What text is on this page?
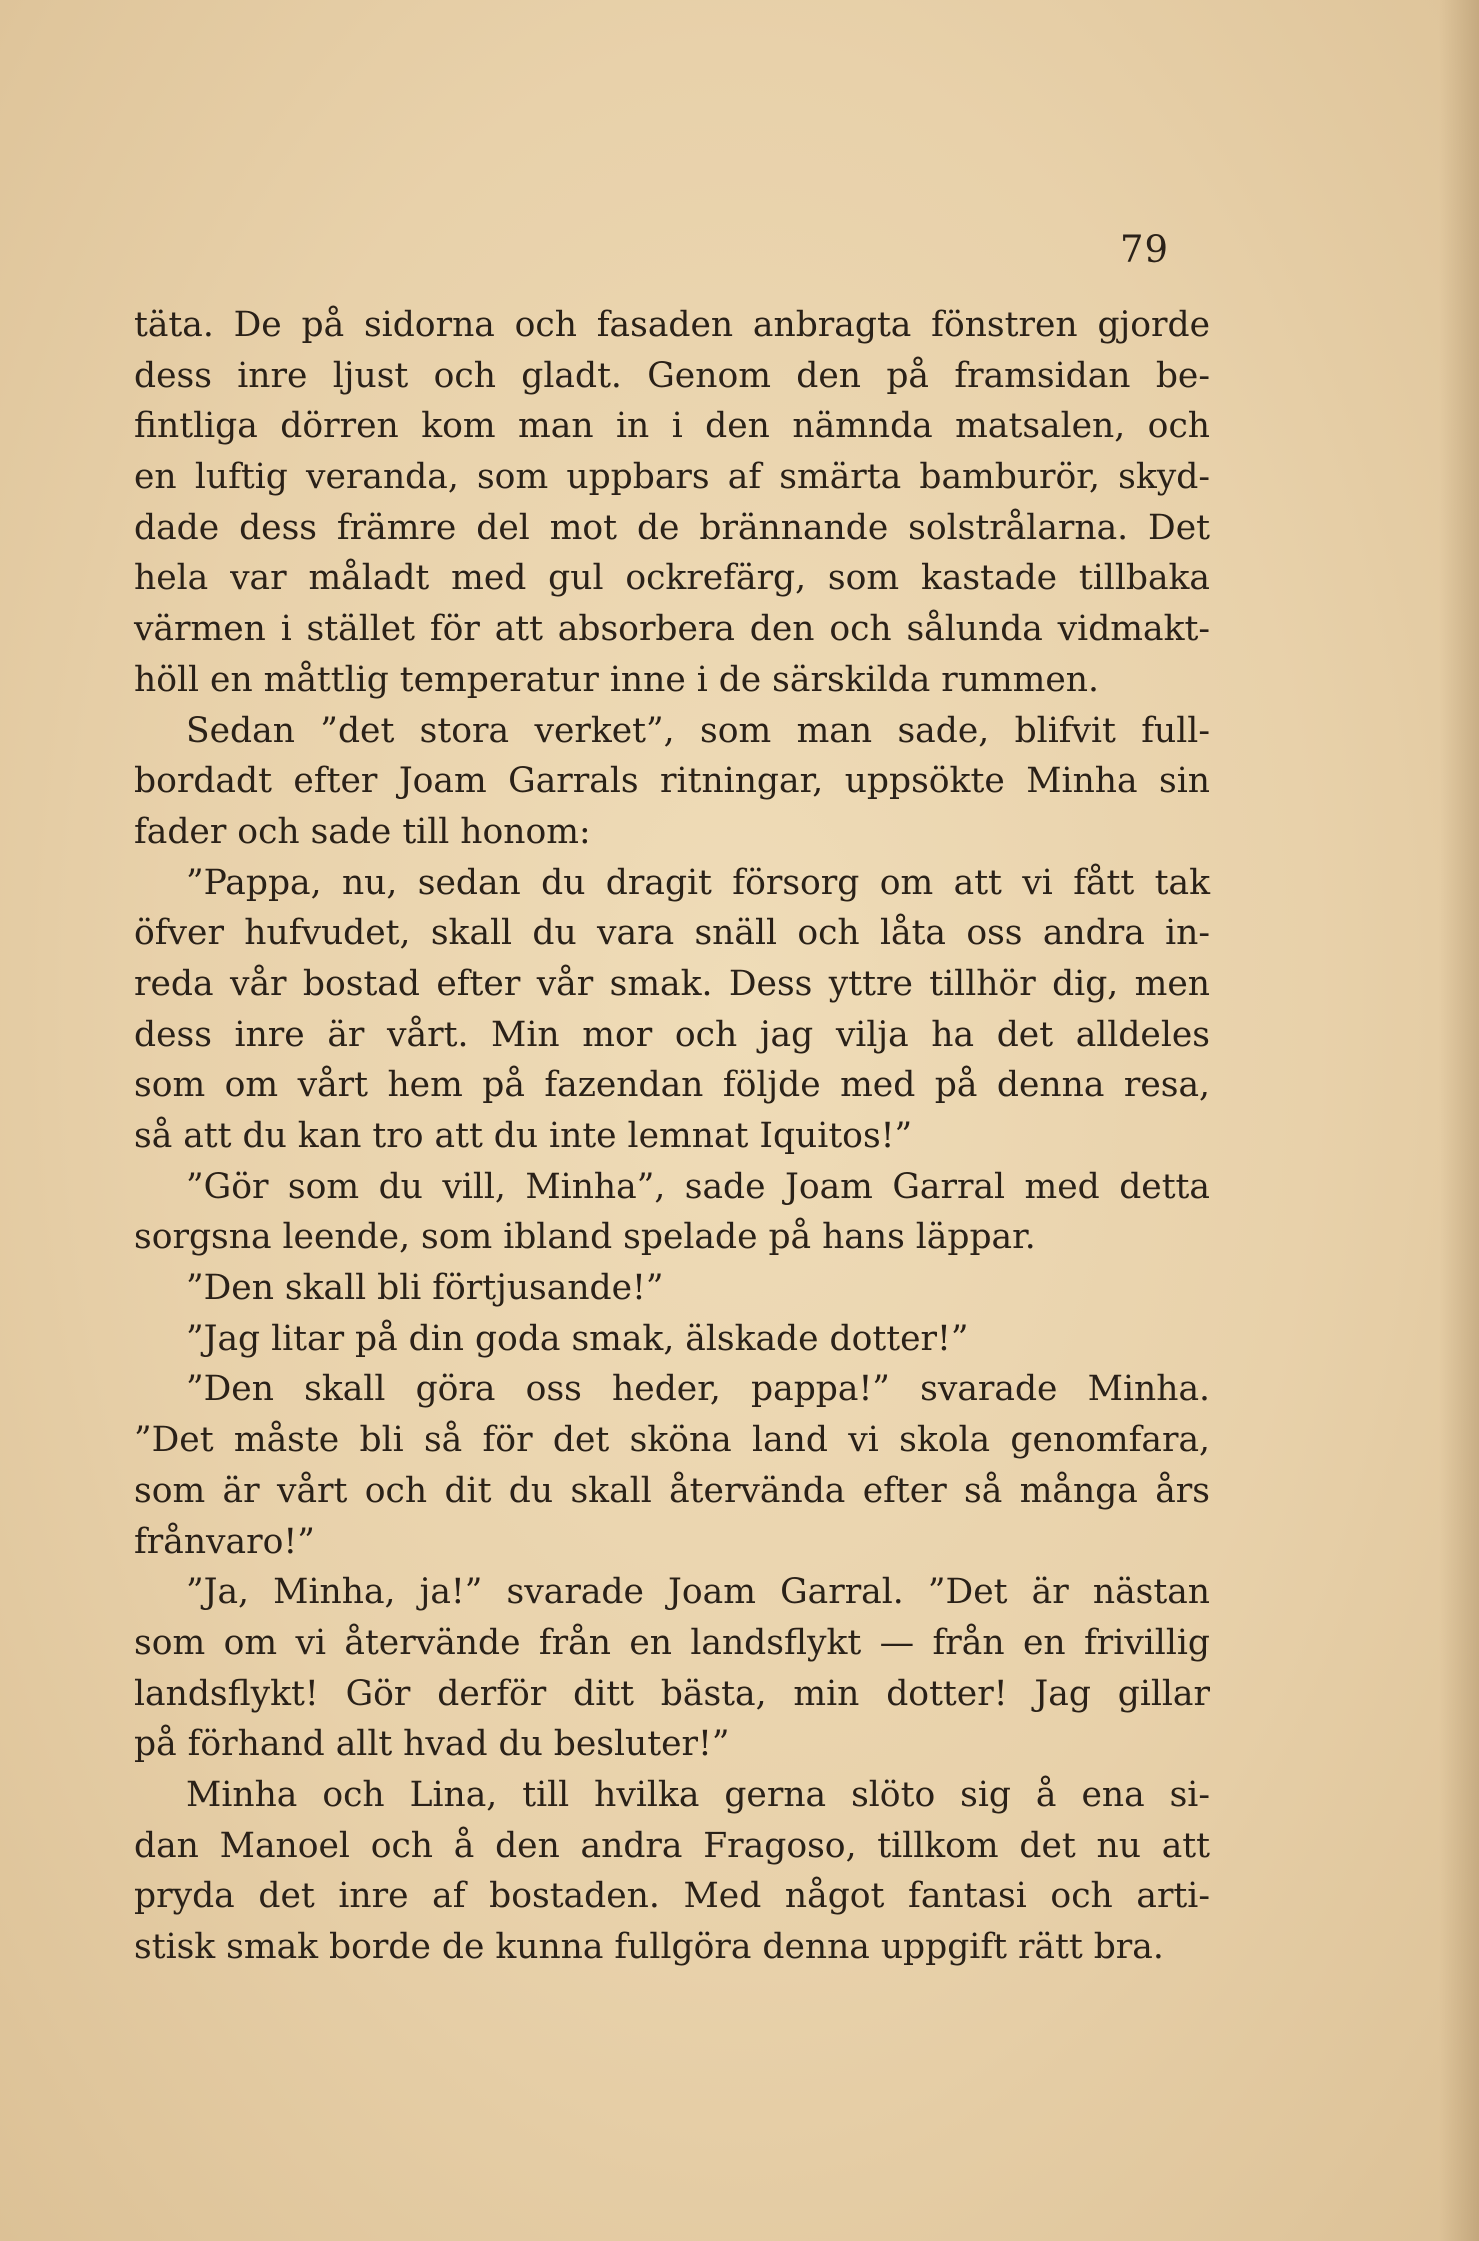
79
täta. De på sidorna och fasaden anbragta fönstren gjorde
dess inre ljust och gladt. Genom den på framsidan be-
fintliga dörren kom man in i den nämnda matsalen, och
en luftig veranda, som uppbars af smärta bamburör, skyd-
dade dess främre del mot de brännande solstrålarna. Det
hela var måladt med gul ockrefärg, som kastade tillbaka
värmen i stället för att absorbera den och sålunda vidmakt-
höll en måttlig temperatur inne i de särskilda rummen.
Sedan ”det stora verket”, som man sade, blifvit full-
bordadt efter Joam Garrals ritningar, uppsökte Minha sin
fader och sade till honom:
”Pappa, nu, sedan du dragit försorg om att vi fått tak
öfver hufvudet, skall du vara snäll och låta oss andra in-
reda vår bostad efter vår smak. Dess yttre tillhör dig, men
dess inre är vårt. Min mor och jag vilja ha det alldeles
som om vårt hem på fazendan följde med på denna resa,
så att du kan tro att du inte lemnat Iquitos!”
”Gör som du vill, Minha”, sade Joam Garral med detta
sorgsna leende, som ibland spelade på hans läppar.
”Den skall bli förtjusande!”
”Jag litar på din goda smak, älskade dotter!”
”Den skall göra oss heder, pappa!” svarade Minha.
”Det måste bli så för det sköna land vi skola genomfara,
som är vårt och dit du skall återvända efter så många års
frånvaro!”
”Ja, Minha, ja!” svarade Joam Garral. ”Det är nästan
som om vi återvände från en landsflykt — från en frivillig
landsflykt! Gör derför ditt bästa, min dotter! Jag gillar
på förhand allt hvad du besluter!”
Minha och Lina, till hvilka gerna slöto sig å ena si-
dan Manoel och å den andra Fragoso, tillkom det nu att
pryda det inre af bostaden. Med något fantasi och arti-
stisk smak borde de kunna fullgöra denna uppgift rätt bra.
